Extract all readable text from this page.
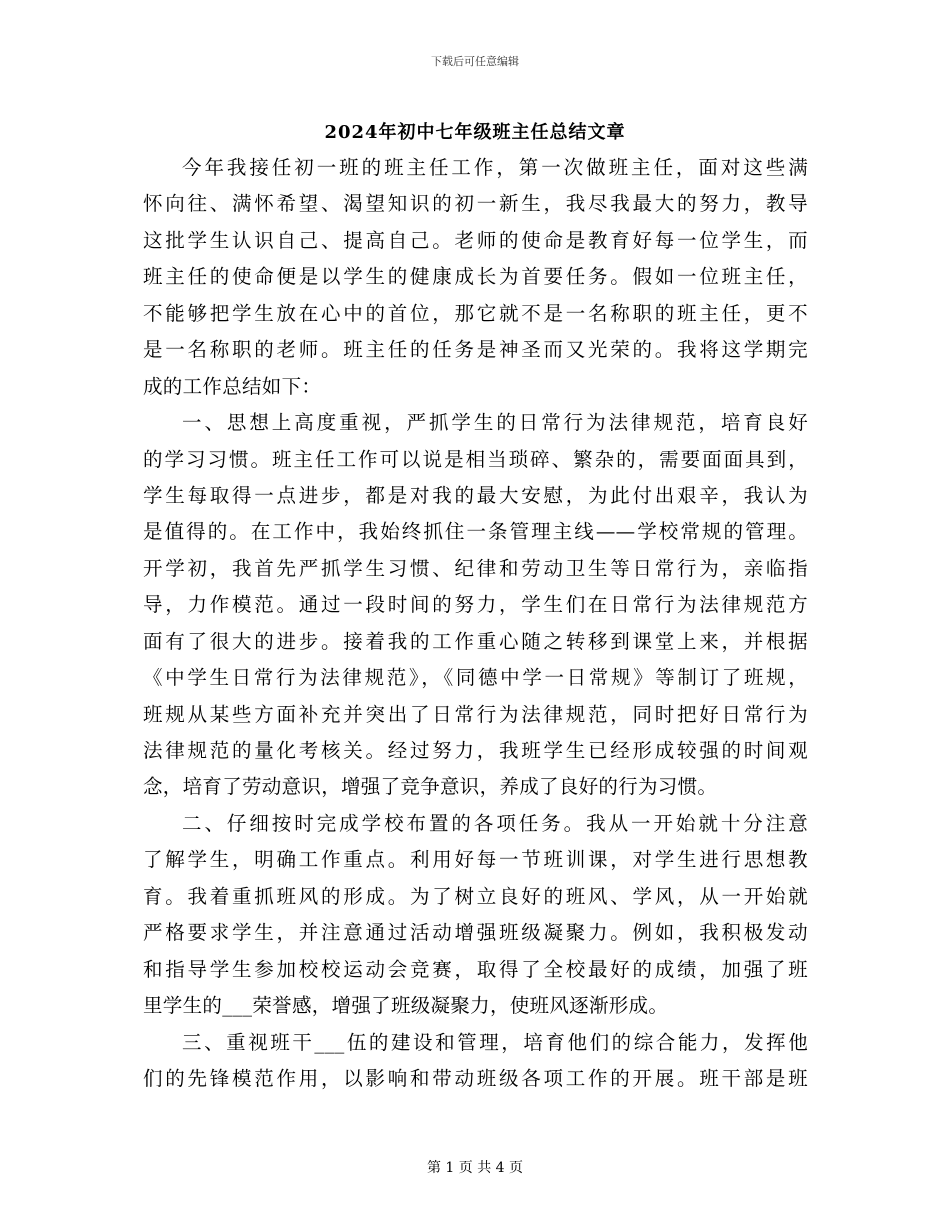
下载后可任意编辑
2024年初中七年级班主任总结文章
今年我接任初一班的班主任工作，第一次做班主任，面对这些满
怀向往、满怀希望、渴望知识的初一新生，我尽我最大的努力，教导
这批学生认识自己、提高自己。老师的使命是教育好每一位学生，而
班主任的使命便是以学生的健康成长为首要任务。假如一位班主任，
不能够把学生放在心中的首位，那它就不是一名称职的班主任，更不
是一名称职的老师。班主任的任务是神圣而又光荣的。我将这学期完
成的工作总结如下：
一、思想上高度重视，严抓学生的日常行为法律规范，培育良好
的学习习惯。班主任工作可以说是相当琐碎、繁杂的，需要面面具到，
学生每取得一点进步，都是对我的最大安慰，为此付出艰辛，我认为
是值得的。在工作中，我始终抓住一条管理主线——学校常规的管理。
开学初，我首先严抓学生习惯、纪律和劳动卫生等日常行为，亲临指
导，力作模范。通过一段时间的努力，学生们在日常行为法律规范方
面有了很大的进步。接着我的工作重心随之转移到课堂上来，并根据
《中学生日常行为法律规范》，《同德中学一日常规》等制订了班规，
班规从某些方面补充并突出了日常行为法律规范，同时把好日常行为
法律规范的量化考核关。经过努力，我班学生已经形成较强的时间观
念，培育了劳动意识，增强了竞争意识，养成了良好的行为习惯。
二、仔细按时完成学校布置的各项任务。我从一开始就十分注意
了解学生，明确工作重点。利用好每一节班训课，对学生进行思想教
育。我着重抓班风的形成。为了树立良好的班风、学风，从一开始就
严格要求学生，并注意通过活动增强班级凝聚力。例如，我积极发动
和指导学生参加校校运动会竞赛，取得了全校最好的成绩，加强了班
里学生的___荣誉感，增强了班级凝聚力，使班风逐渐形成。
三、重视班干___伍的建设和管理，培育他们的综合能力，发挥他
们的先锋模范作用，以影响和带动班级各项工作的开展。班干部是班
第 1 页 共 4 页
